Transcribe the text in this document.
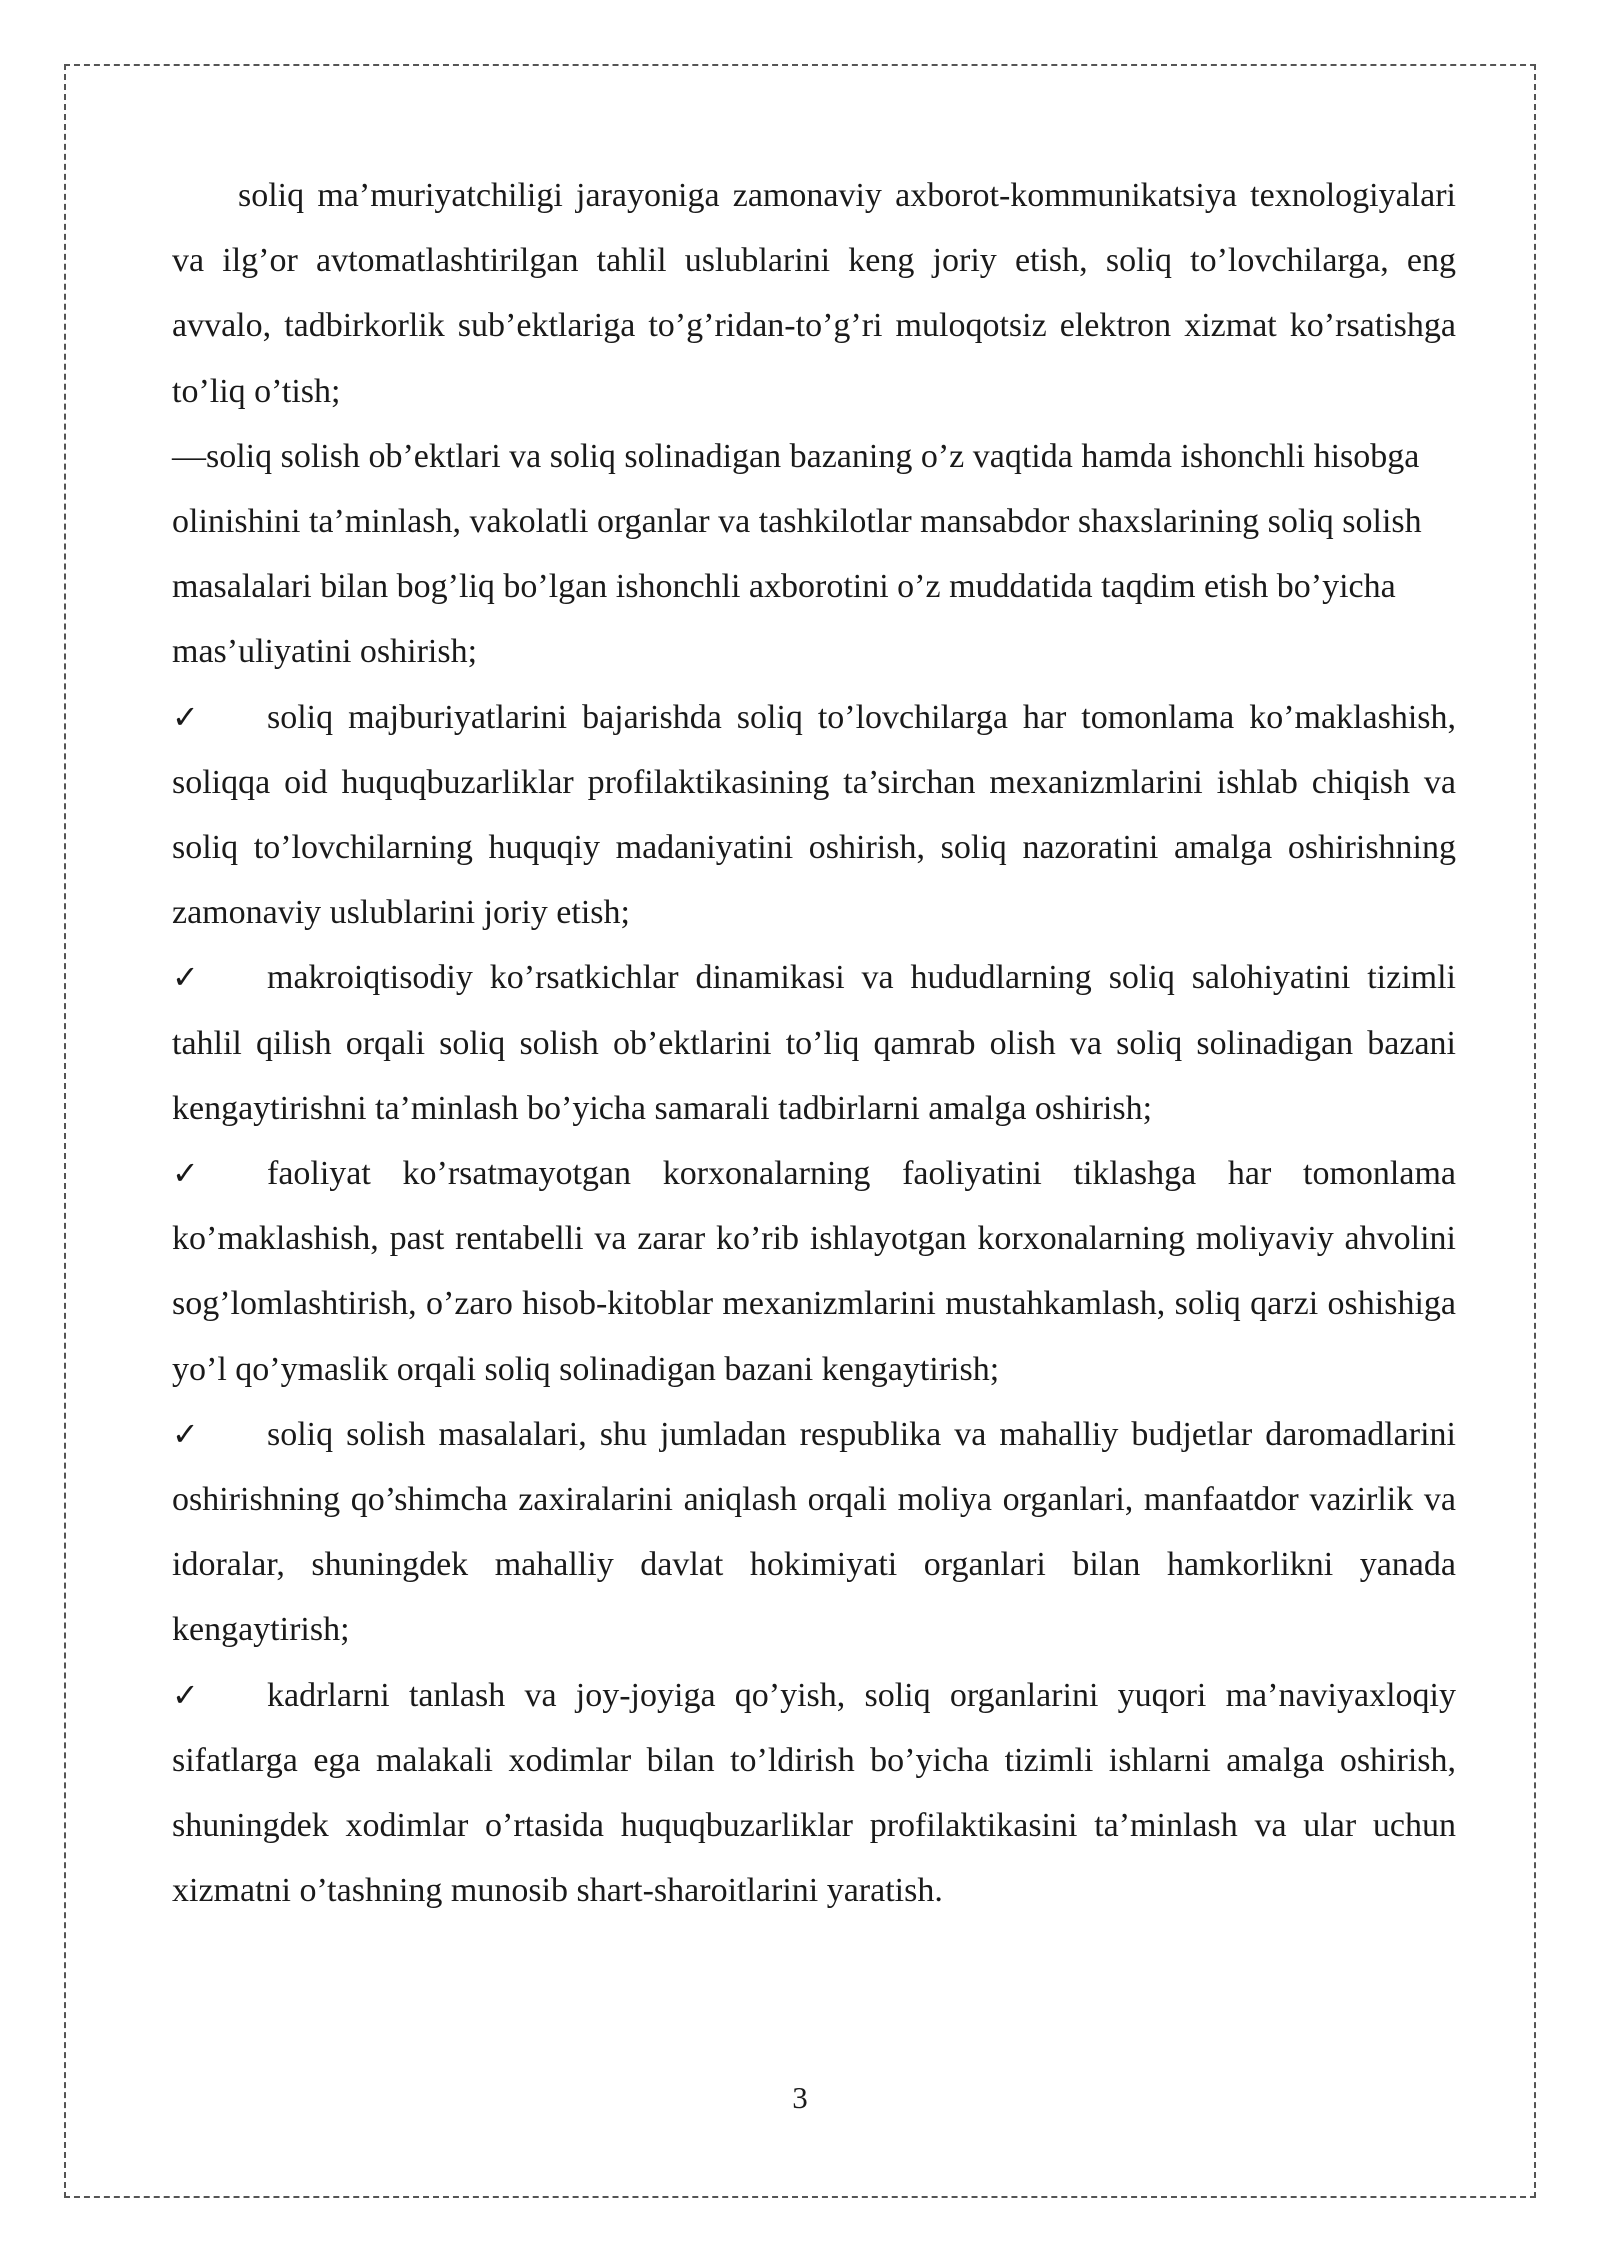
soliq ma’muriyatchiligi jarayoniga zamonaviy axborot-kommunikatsiya texnologiyalari va ilg’or avtomatlashtirilgan tahlil uslublarini keng joriy etish, soliq to’lovchilarga, eng avvalo, tadbirkorlik sub’ektlariga to’g’ridan-to’g’ri muloqotsiz elektron xizmat ko’rsatishga to’liq o’tish;

—soliq solish ob’ektlari va soliq solinadigan bazaning o’z vaqtida hamda ishonchli hisobga olinishini ta’minlash, vakolatli organlar va tashkilotlar mansabdor shaxslarining soliq solish masalalari bilan bog’liq bo’lgan ishonchli axborotini o’z muddatida taqdim etish bo’yicha mas’uliyatini oshirish;

✓ soliq majburiyatlarini bajarishda soliq to’lovchilarga har tomonlama ko’maklashish, soliqqa oid huquqbuzarliklar profilaktikasining ta’sirchan mexanizmlarini ishlab chiqish va soliq to’lovchilarning huquqiy madaniyatini oshirish, soliq nazoratini amalga oshirishning zamonaviy uslublarini joriy etish;

✓ makroiqtisodiy ko’rsatkichlar dinamikasi va hududlarning soliq salohiyatini tizimli tahlil qilish orqali soliq solish ob’ektlarini to’liq qamrab olish va soliq solinadigan bazani kengaytirishni ta’minlash bo’yicha samarali tadbirlarni amalga oshirish;

✓ faoliyat ko’rsatmayotgan korxonalarning faoliyatini tiklashga har tomonlama ko’maklashish, past rentabelli va zarar ko’rib ishlayotgan korxonalarning moliyaviy ahvolini sog’lomlashtirish, o’zaro hisob-kitoblar mexanizmlarini mustahkamlash, soliq qarzi oshishiga yo’l qo’ymaslik orqali soliq solinadigan bazani kengaytirish;

✓ soliq solish masalalari, shu jumladan respublika va mahalliy budjetlar daromadlarini oshirishning qo’shimcha zaxiralarini aniqlash orqali moliya organlari, manfaatdor vazirlik va idoralar, shuningdek mahalliy davlat hokimiyati organlari bilan hamkorlikni yanada kengaytirish;

✓ kadrlarni tanlash va joy-joyiga qo’yish, soliq organlarini yuqori ma’naviyaxloqiy sifatlarga ega malakali xodimlar bilan to’ldirish bo’yicha tizimli ishlarni amalga oshirish, shuningdek xodimlar o’rtasida huquqbuzarliklar profilaktikasini ta’minlash va ular uchun xizmatni o’tashning munosib shart-sharoitlarini yaratish.

3
